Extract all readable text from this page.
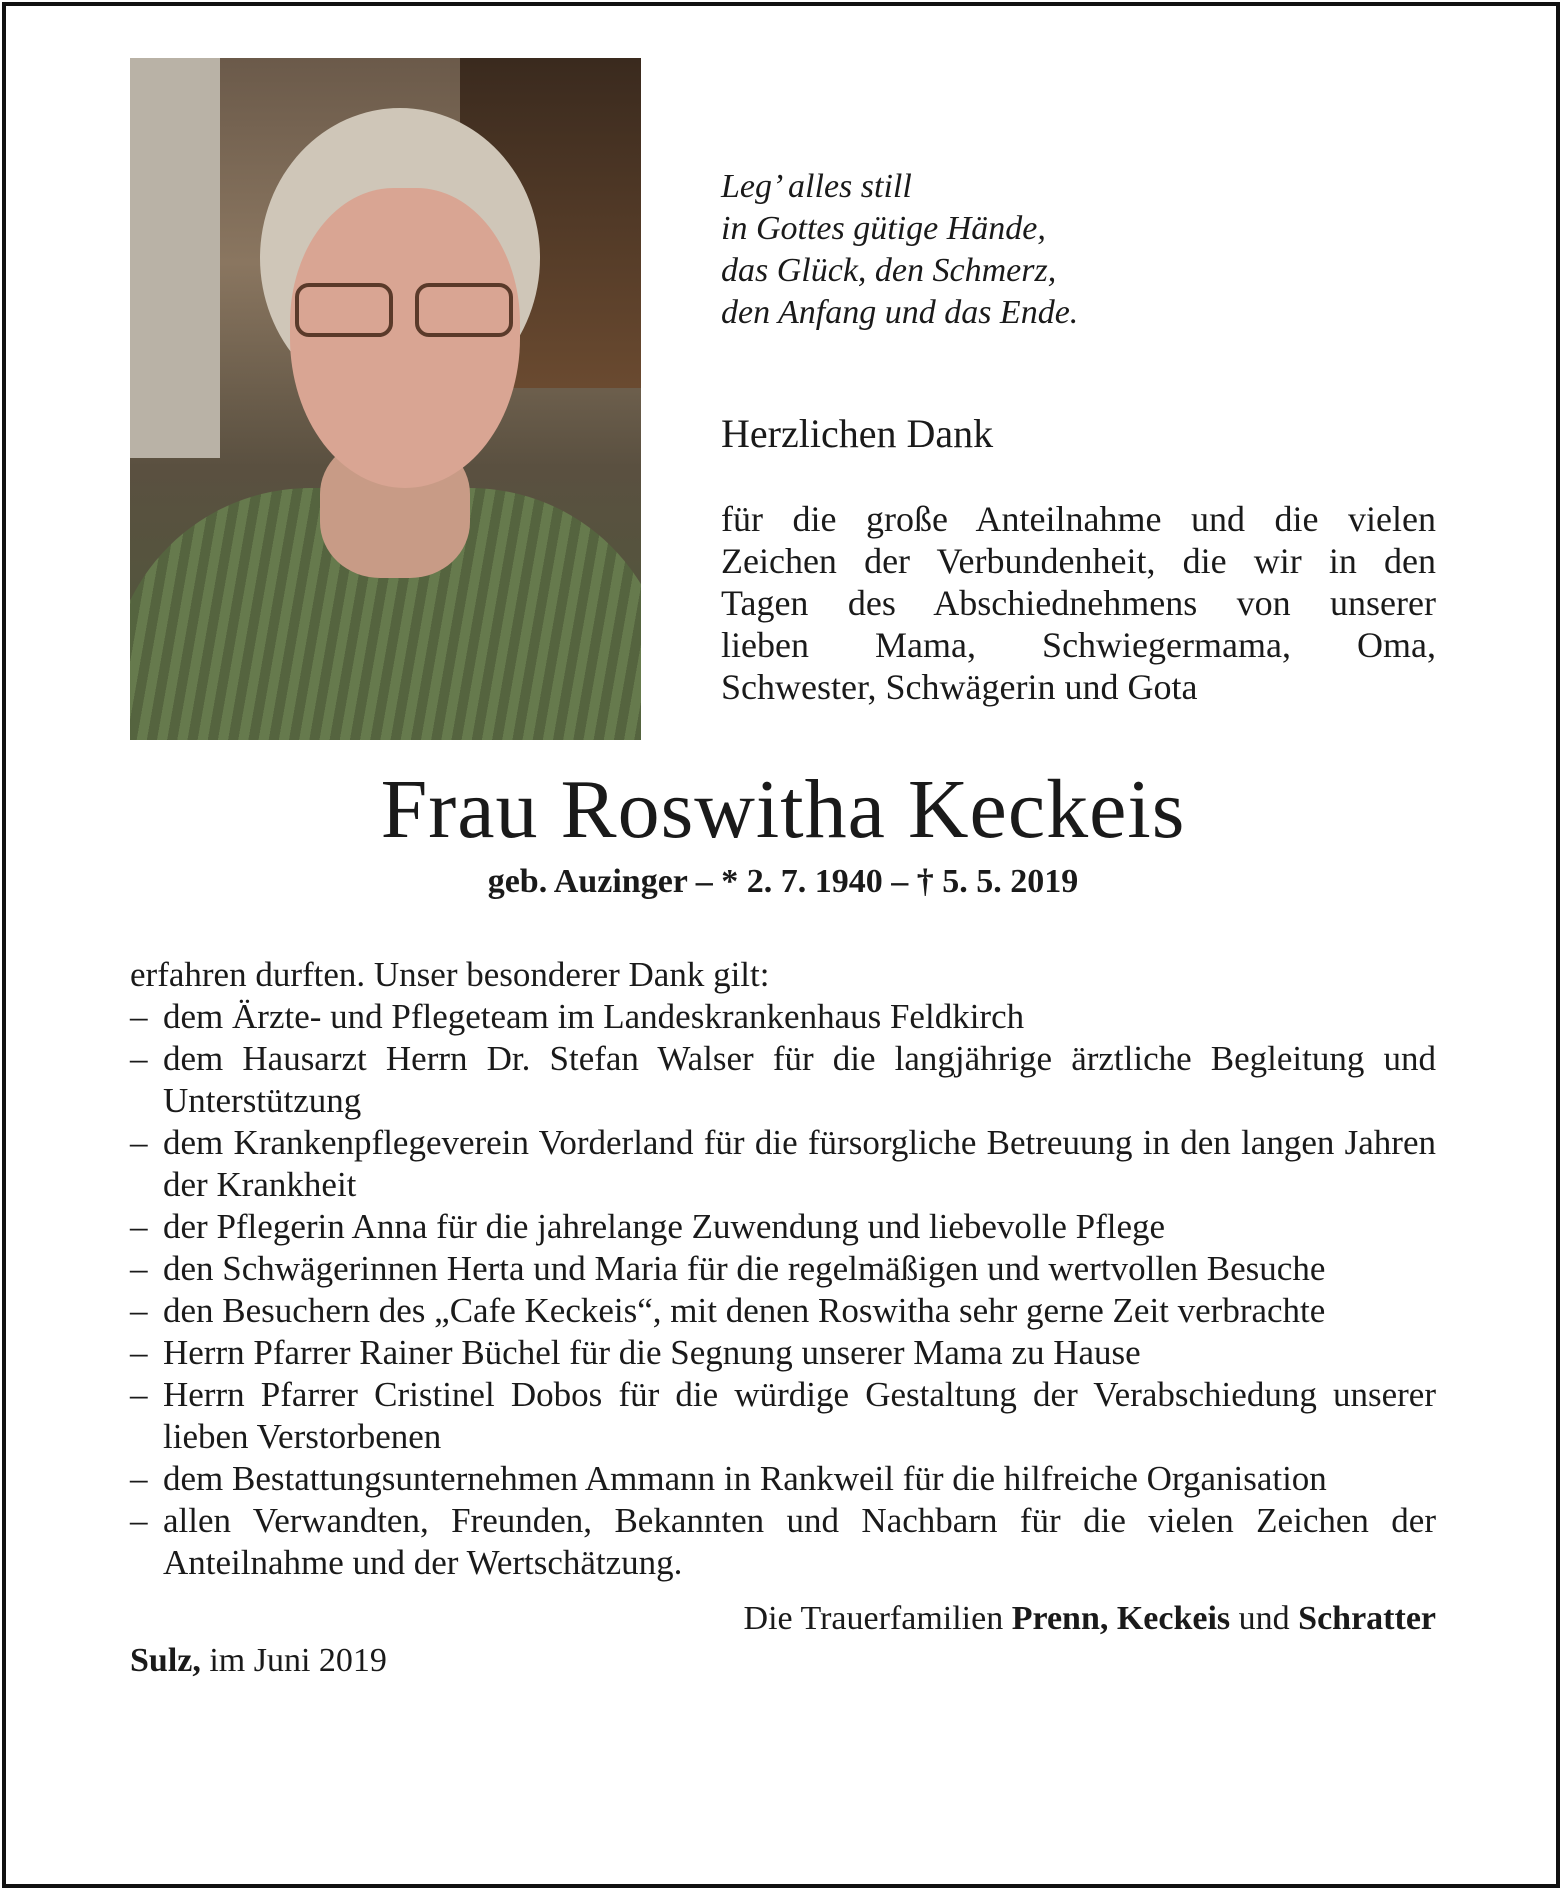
Leg’ alles still
in Gottes gütige Hände,
das Glück, den Schmerz,
den Anfang und das Ende.
Herzlichen Dank
für die große Anteilnahme und die vielen
Zeichen der Verbundenheit, die wir in den
Tagen des Abschiednehmens von unserer
lieben Mama, Schwiegermama, Oma,
Schwester, Schwägerin und Gota
Frau Roswitha Keckeis
geb. Auzinger – * 2. 7. 1940 – † 5. 5. 2019
erfahren durften. Unser besonderer Dank gilt:
– dem Ärzte- und Pflegeteam im Landeskrankenhaus Feldkirch
– dem Hausarzt Herrn Dr. Stefan Walser für die langjährige ärztliche Begleitung und Unterstützung
– dem Krankenpflegeverein Vorderland für die fürsorgliche Betreuung in den langen Jahren der Krankheit
– der Pflegerin Anna für die jahrelange Zuwendung und liebevolle Pflege
– den Schwägerinnen Herta und Maria für die regelmäßigen und wertvollen Besuche
– den Besuchern des „Cafe Keckeis“, mit denen Roswitha sehr gerne Zeit verbrachte
– Herrn Pfarrer Rainer Büchel für die Segnung unserer Mama zu Hause
– Herrn Pfarrer Cristinel Dobos für die würdige Gestaltung der Verabschiedung unserer lieben Verstorbenen
– dem Bestattungsunternehmen Ammann in Rankweil für die hilfreiche Organisation
– allen Verwandten, Freunden, Bekannten und Nachbarn für die vielen Zeichen der Anteilnahme und der Wertschätzung.
Die Trauerfamilien Prenn, Keckeis und Schratter
Sulz, im Juni 2019
